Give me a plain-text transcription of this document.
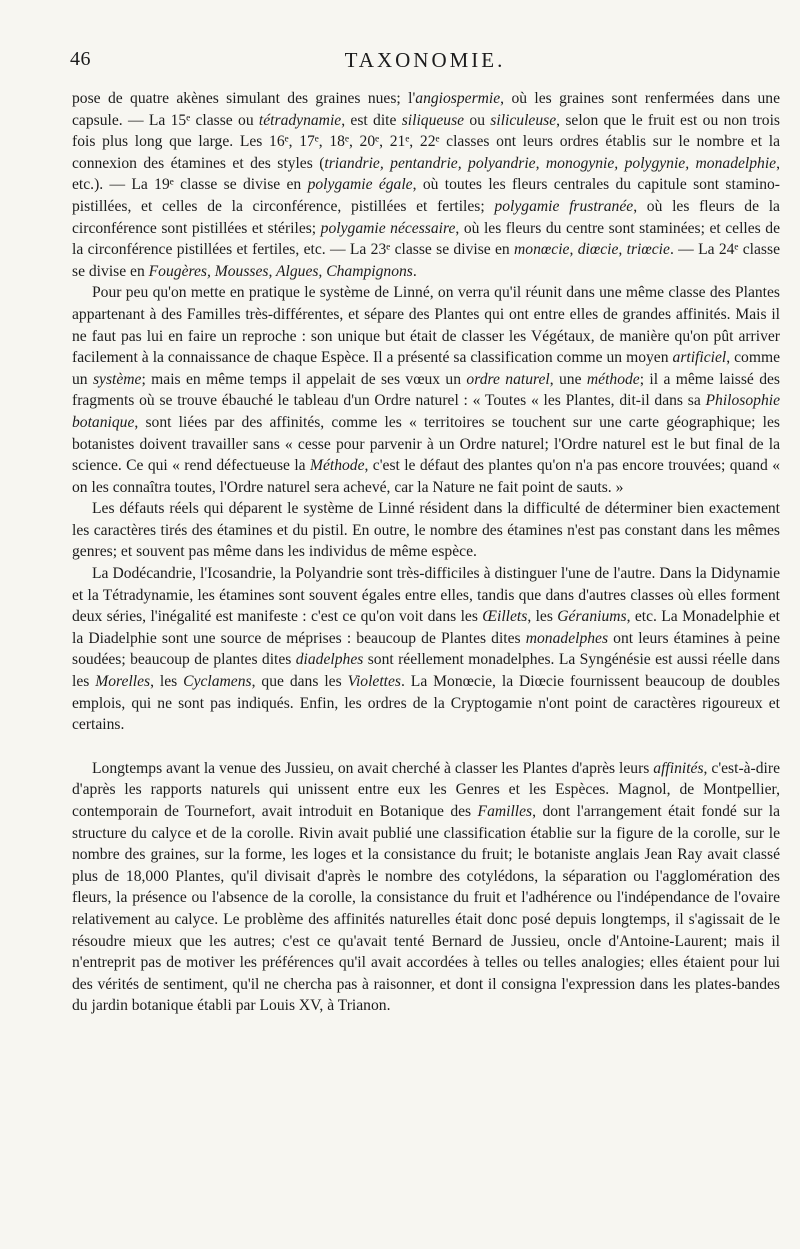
46	TAXONOMIE.

pose de quatre akènes simulant des graines nues; l'angiospermie, où les graines sont renfermées dans une capsule. — La 15ᵉ classe ou tétradynamie, est dite siliqueuse ou siliculeuse, selon que le fruit est ou non trois fois plus long que large. Les 16ᵉ, 17ᵉ, 18ᵉ, 20ᵉ, 21ᵉ, 22ᵉ classes ont leurs ordres établis sur le nombre et la connexion des étamines et des styles (triandrie, pentandrie, polyandrie, monogynie, polygynie, monadelphie, etc.). — La 19ᵉ classe se divise en polygamie égale, où toutes les fleurs centrales du capitule sont stamino-pistillées, et celles de la circonférence, pistillées et fertiles; polygamie frustranée, où les fleurs de la circonférence sont pistillées et stériles; polygamie nécessaire, où les fleurs du centre sont staminées; et celles de la circonférence pistillées et fertiles, etc. — La 23ᵉ classe se divise en monœcie, diœcie, triœcie. — La 24ᵉ classe se divise en Fougères, Mousses, Algues, Champignons.

Pour peu qu'on mette en pratique le système de Linné, on verra qu'il réunit dans une même classe des Plantes appartenant à des Familles très-différentes, et sépare des Plantes qui ont entre elles de grandes affinités. Mais il ne faut pas lui en faire un reproche : son unique but était de classer les Végétaux, de manière qu'on pût arriver facilement à la connaissance de chaque Espèce. Il a présenté sa classification comme un moyen artificiel, comme un système; mais en même temps il appelait de ses vœux un ordre naturel, une méthode; il a même laissé des fragments où se trouve ébauché le tableau d'un Ordre naturel : « Toutes « les Plantes, dit-il dans sa Philosophie botanique, sont liées par des affinités, comme les « territoires se touchent sur une carte géographique; les botanistes doivent travailler sans « cesse pour parvenir à un Ordre naturel; l'Ordre naturel est le but final de la science. Ce qui « rend défectueuse la Méthode, c'est le défaut des plantes qu'on n'a pas encore trouvées; quand « on les connaîtra toutes, l'Ordre naturel sera achevé, car la Nature ne fait point de sauts. »

Les défauts réels qui déparent le système de Linné résident dans la difficulté de déterminer bien exactement les caractères tirés des étamines et du pistil. En outre, le nombre des étamines n'est pas constant dans les mêmes genres; et souvent pas même dans les individus de même espèce.

La Dodécandrie, l'Icosandrie, la Polyandrie sont très-difficiles à distinguer l'une de l'autre. Dans la Didynamie et la Tétradynamie, les étamines sont souvent égales entre elles, tandis que dans d'autres classes où elles forment deux séries, l'inégalité est manifeste : c'est ce qu'on voit dans les Œillets, les Géraniums, etc. La Monadelphie et la Diadelphie sont une source de méprises : beaucoup de Plantes dites monadelphes ont leurs étamines à peine soudées; beaucoup de plantes dites diadelphes sont réellement monadelphes. La Syngénésie est aussi réelle dans les Morelles, les Cyclamens, que dans les Violettes. La Monœcie, la Diœcie fournissent beaucoup de doubles emplois, qui ne sont pas indiqués. Enfin, les ordres de la Cryptogamie n'ont point de caractères rigoureux et certains.

Longtemps avant la venue des Jussieu, on avait cherché à classer les Plantes d'après leurs affinités, c'est-à-dire d'après les rapports naturels qui unissent entre eux les Genres et les Espèces. Magnol, de Montpellier, contemporain de Tournefort, avait introduit en Botanique des Familles, dont l'arrangement était fondé sur la structure du calyce et de la corolle. Rivin avait publié une classification établie sur la figure de la corolle, sur le nombre des graines, sur la forme, les loges et la consistance du fruit; le botaniste anglais Jean Ray avait classé plus de 18,000 Plantes, qu'il divisait d'après le nombre des cotylédons, la séparation ou l'agglomération des fleurs, la présence ou l'absence de la corolle, la consistance du fruit et l'adhérence ou l'indépendance de l'ovaire relativement au calyce. Le problème des affinités naturelles était donc posé depuis longtemps, il s'agissait de le résoudre mieux que les autres; c'est ce qu'avait tenté Bernard de Jussieu, oncle d'Antoine-Laurent; mais il n'entreprit pas de motiver les préférences qu'il avait accordées à telles ou telles analogies; elles étaient pour lui des vérités de sentiment, qu'il ne chercha pas à raisonner, et dont il consigna l'expression dans les plates-bandes du jardin botanique établi par Louis XV, à Trianon.
